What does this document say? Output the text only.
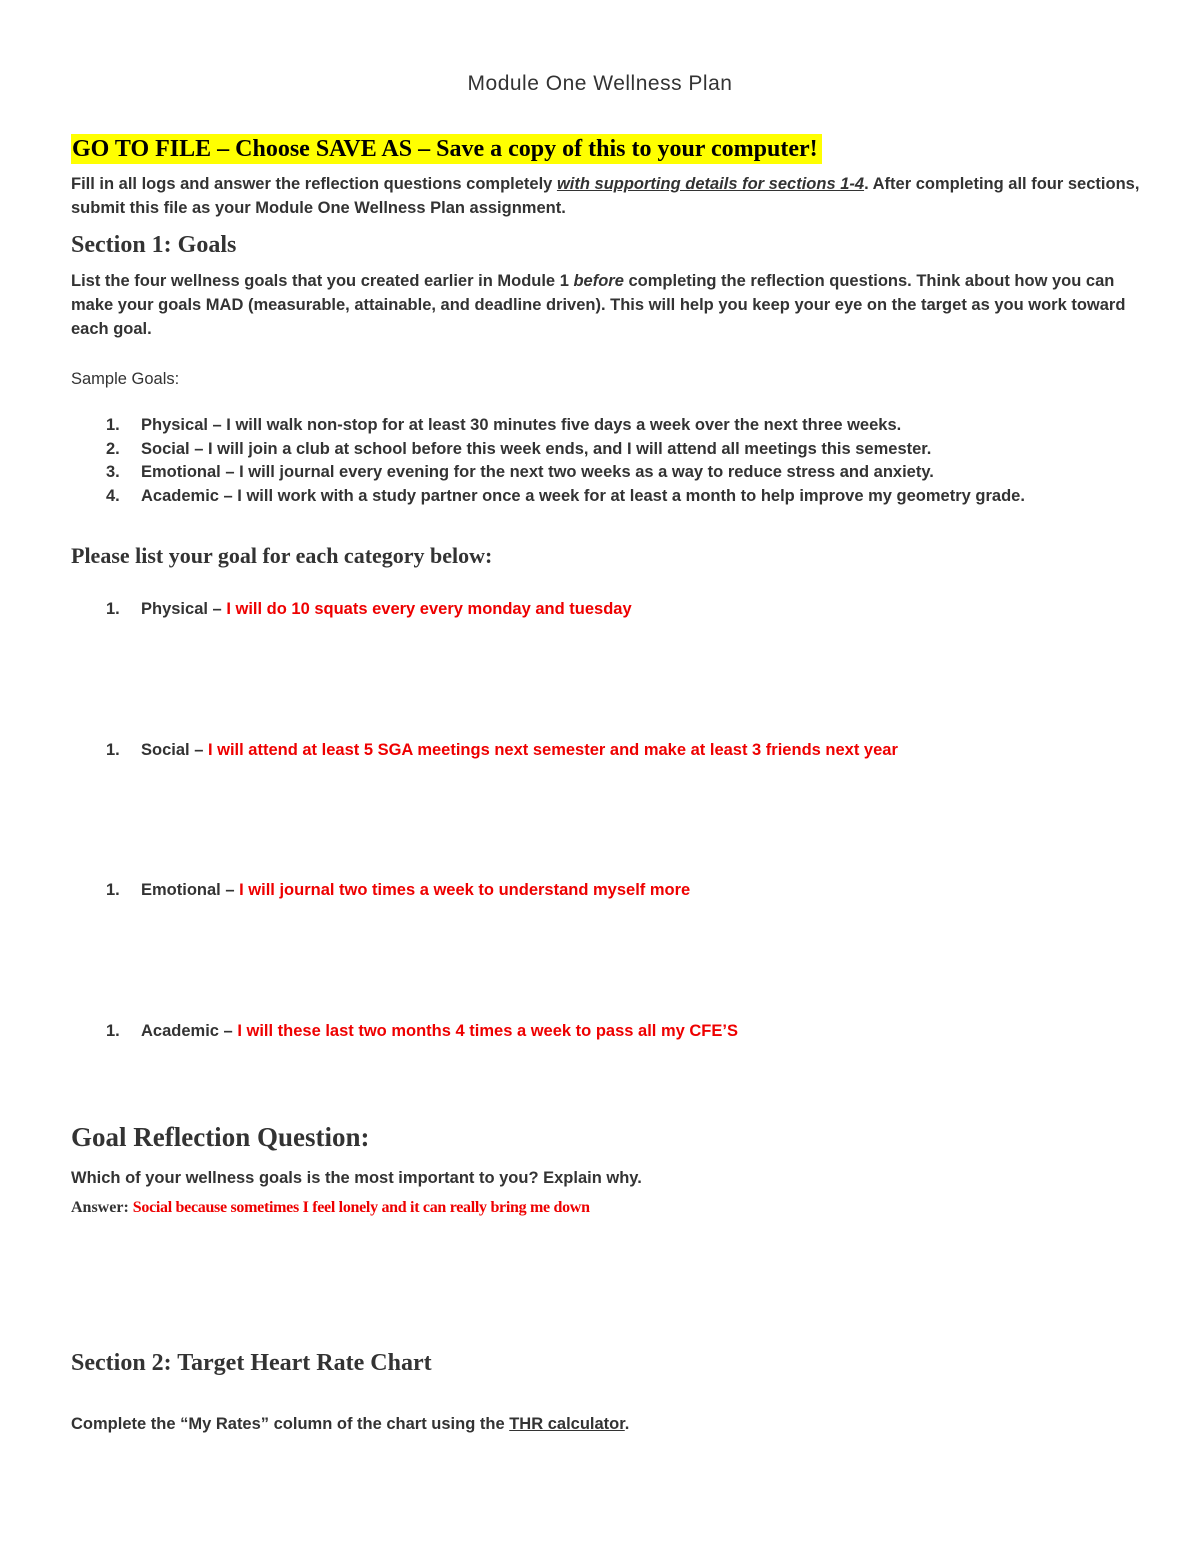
Module One Wellness Plan
GO TO FILE – Choose SAVE AS – Save a copy of this to your computer!
Fill in all logs and answer the reflection questions completely with supporting details for sections 1-4. After completing all four sections, submit this file as your Module One Wellness Plan assignment.
Section 1: Goals
List the four wellness goals that you created earlier in Module 1 before completing the reflection questions. Think about how you can make your goals MAD (measurable, attainable, and deadline driven). This will help you keep your eye on the target as you work toward each goal.
Sample Goals:
1. Physical – I will walk non-stop for at least 30 minutes five days a week over the next three weeks.
2. Social – I will join a club at school before this week ends, and I will attend all meetings this semester.
3. Emotional – I will journal every evening for the next two weeks as a way to reduce stress and anxiety.
4. Academic – I will work with a study partner once a week for at least a month to help improve my geometry grade.
Please list your goal for each category below:
1. Physical – I will do 10 squats every every monday and tuesday
1. Social – I will attend at least 5 SGA meetings next semester and make at least 3 friends next year
1. Emotional – I will journal two times a week to understand myself more
1. Academic – I will these last two months 4 times a week to pass all my CFE’S
Goal Reflection Question:
Which of your wellness goals is the most important to you? Explain why.
Answer: Social because sometimes I feel lonely and it can really bring me down
Section 2: Target Heart Rate Chart
Complete the “My Rates” column of the chart using the THR calculator.
